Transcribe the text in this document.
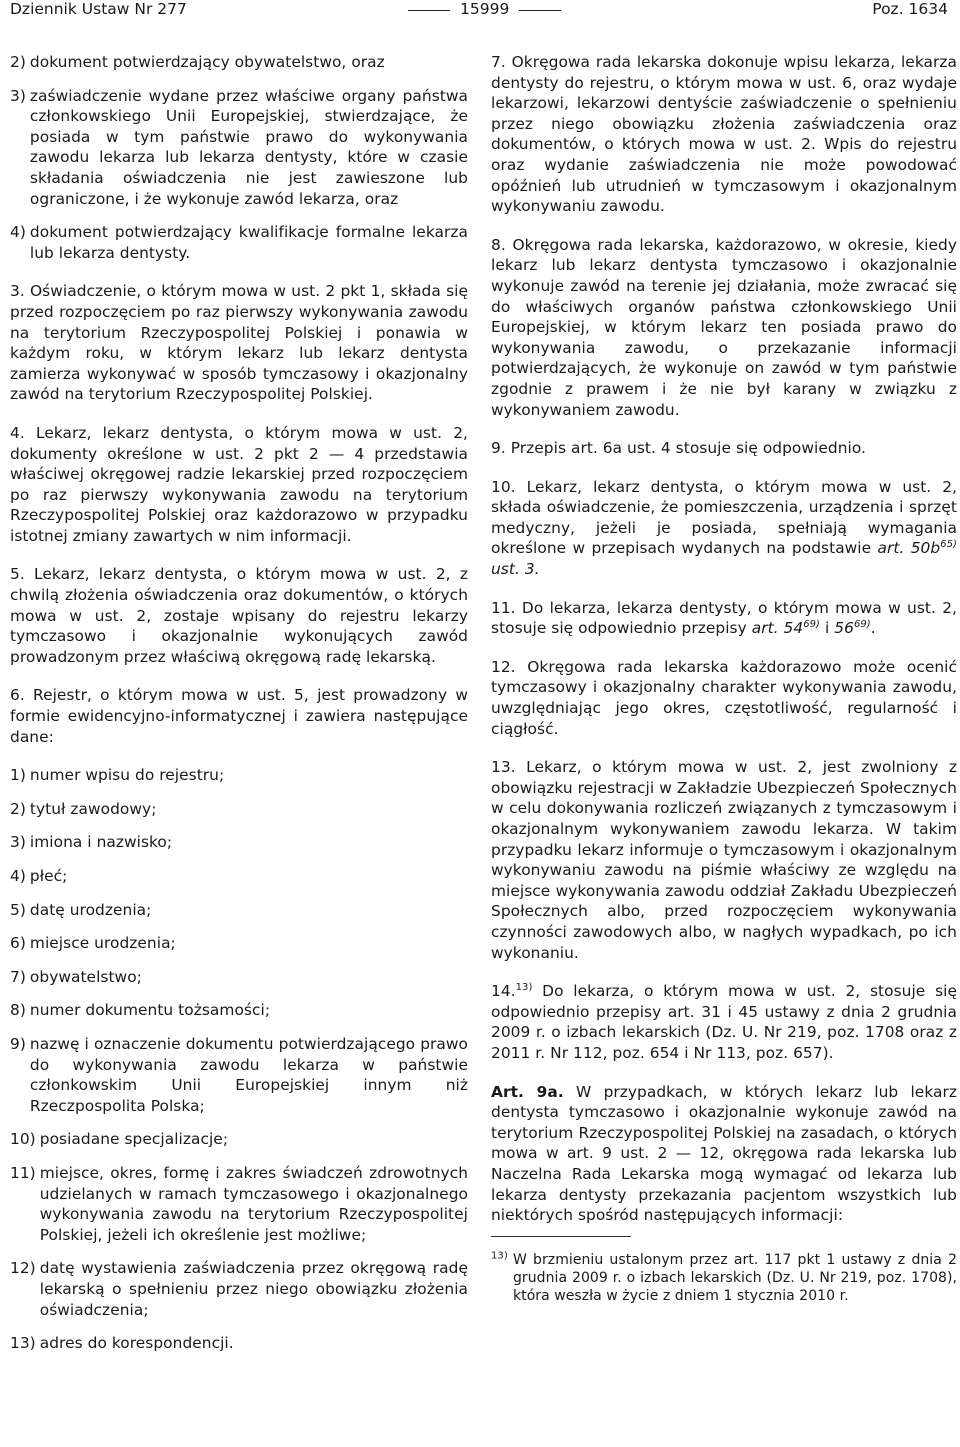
Dziennik Ustaw Nr 277	15999	Poz. 1634
2) dokument potwierdzający obywatelstwo, oraz
3) zaświadczenie wydane przez właściwe organy państwa członkowskiego Unii Europejskiej, stwierdzające, że posiada w tym państwie prawo do wykonywania zawodu lekarza lub lekarza dentysty, które w czasie składania oświadczenia nie jest zawieszone lub ograniczone, i że wykonuje zawód lekarza, oraz
4) dokument potwierdzający kwalifikacje formalne lekarza lub lekarza dentysty.

3. Oświadczenie, o którym mowa w ust. 2 pkt 1, składa się przed rozpoczęciem po raz pierwszy wykonywania zawodu na terytorium Rzeczypospolitej Polskiej i ponawia w każdym roku, w którym lekarz lub lekarz dentysta zamierza wykonywać w sposób tymczasowy i okazjonalny zawód na terytorium Rzeczypospolitej Polskiej.

4. Lekarz, lekarz dentysta, o którym mowa w ust. 2, dokumenty określone w ust. 2 pkt 2 — 4 przedstawia właściwej okręgowej radzie lekarskiej przed rozpoczęciem po raz pierwszy wykonywania zawodu na terytorium Rzeczypospolitej Polskiej oraz każdorazowo w przypadku istotnej zmiany zawartych w nim informacji.

5. Lekarz, lekarz dentysta, o którym mowa w ust. 2, z chwilą złożenia oświadczenia oraz dokumentów, o których mowa w ust. 2, zostaje wpisany do rejestru lekarzy tymczasowo i okazjonalnie wykonujących zawód prowadzonym przez właściwą okręgową radę lekarską.

6. Rejestr, o którym mowa w ust. 5, jest prowadzony w formie ewidencyjno-informatycznej i zawiera następujące dane:

1) numer wpisu do rejestru;
2) tytuł zawodowy;
3) imiona i nazwisko;
4) płeć;
5) datę urodzenia;
6) miejsce urodzenia;
7) obywatelstwo;
8) numer dokumentu tożsamości;
9) nazwę i oznaczenie dokumentu potwierdzającego prawo do wykonywania zawodu lekarza w państwie członkowskim Unii Europejskiej innym niż Rzeczpospolita Polska;
10) posiadane specjalizacje;
11) miejsce, okres, formę i zakres świadczeń zdrowotnych udzielanych w ramach tymczasowego i okazjonalnego wykonywania zawodu na terytorium Rzeczypospolitej Polskiej, jeżeli ich określenie jest możliwe;
12) datę wystawienia zaświadczenia przez okręgową radę lekarską o spełnieniu przez niego obowiązku złożenia oświadczenia;
13) adres do korespondencji.

7. Okręgowa rada lekarska dokonuje wpisu lekarza, lekarza dentysty do rejestru, o którym mowa w ust. 6, oraz wydaje lekarzowi, lekarzowi dentyście zaświadczenie o spełnieniu przez niego obowiązku złożenia zaświadczenia oraz dokumentów, o których mowa w ust. 2. Wpis do rejestru oraz wydanie zaświadczenia nie może powodować opóźnień lub utrudnień w tymczasowym i okazjonalnym wykonywaniu zawodu.

8. Okręgowa rada lekarska, każdorazowo, w okresie, kiedy lekarz lub lekarz dentysta tymczasowo i okazjonalnie wykonuje zawód na terenie jej działania, może zwracać się do właściwych organów państwa członkowskiego Unii Europejskiej, w którym lekarz ten posiada prawo do wykonywania zawodu, o przekazanie informacji potwierdzających, że wykonuje on zawód w tym państwie zgodnie z prawem i że nie był karany w związku z wykonywaniem zawodu.

9. Przepis art. 6a ust. 4 stosuje się odpowiednio.

10. Lekarz, lekarz dentysta, o którym mowa w ust. 2, składa oświadczenie, że pomieszczenia, urządzenia i sprzęt medyczny, jeżeli je posiada, spełniają wymagania określone w przepisach wydanych na podstawie art. $50b^{65)}$ ust. 3.

11. Do lekarza, lekarza dentysty, o którym mowa w ust. 2, stosuje się odpowiednio przepisy art. 54$^{69)}$ i 56$^{69)}$.

12. Okręgowa rada lekarska każdorazowo może ocenić tymczasowy i okazjonalny charakter wykonywania zawodu, uwzględniając jego okres, częstotliwość, regularność i ciągłość.

13. Lekarz, o którym mowa w ust. 2, jest zwolniony z obowiązku rejestracji w Zakładzie Ubezpieczeń Społecznych w celu dokonywania rozliczeń związanych z tymczasowym i okazjonalnym wykonywaniem zawodu lekarza. W takim przypadku lekarz informuje o tymczasowym i okazjonalnym wykonywaniu zawodu na piśmie właściwy ze względu na miejsce wykonywania zawodu oddział Zakładu Ubezpieczeń Społecznych albo, przed rozpoczęciem wykonywania czynności zawodowych albo, w nagłych wypadkach, po ich wykonaniu.

14.$^{13)}$ Do lekarza, o którym mowa w ust. 2, stosuje się odpowiednio przepisy art. 31 i 45 ustawy z dnia 2 grudnia 2009 r. o izbach lekarskich (Dz. U. Nr 219, poz. 1708 oraz z 2011 r. Nr 112, poz. 654 i Nr 113, poz. 657).

Art. 9a. W przypadkach, w których lekarz lub lekarz dentysta tymczasowo i okazjonalnie wykonuje zawód na terytorium Rzeczypospolitej Polskiej na zasadach, o których mowa w art. 9 ust. 2 — 12, okręgowa rada lekarska lub Naczelna Rada Lekarska mogą wymagać od lekarza lub lekarza dentysty przekazania pacjentom wszystkich lub niektórych spośród następujących informacji:

$^{13)}$ W brzmieniu ustalonym przez art. 117 pkt 1 ustawy z dnia 2 grudnia 2009 r. o izbach lekarskich (Dz. U. Nr 219, poz. 1708), która weszła w życie z dniem 1 stycznia 2010 r.
